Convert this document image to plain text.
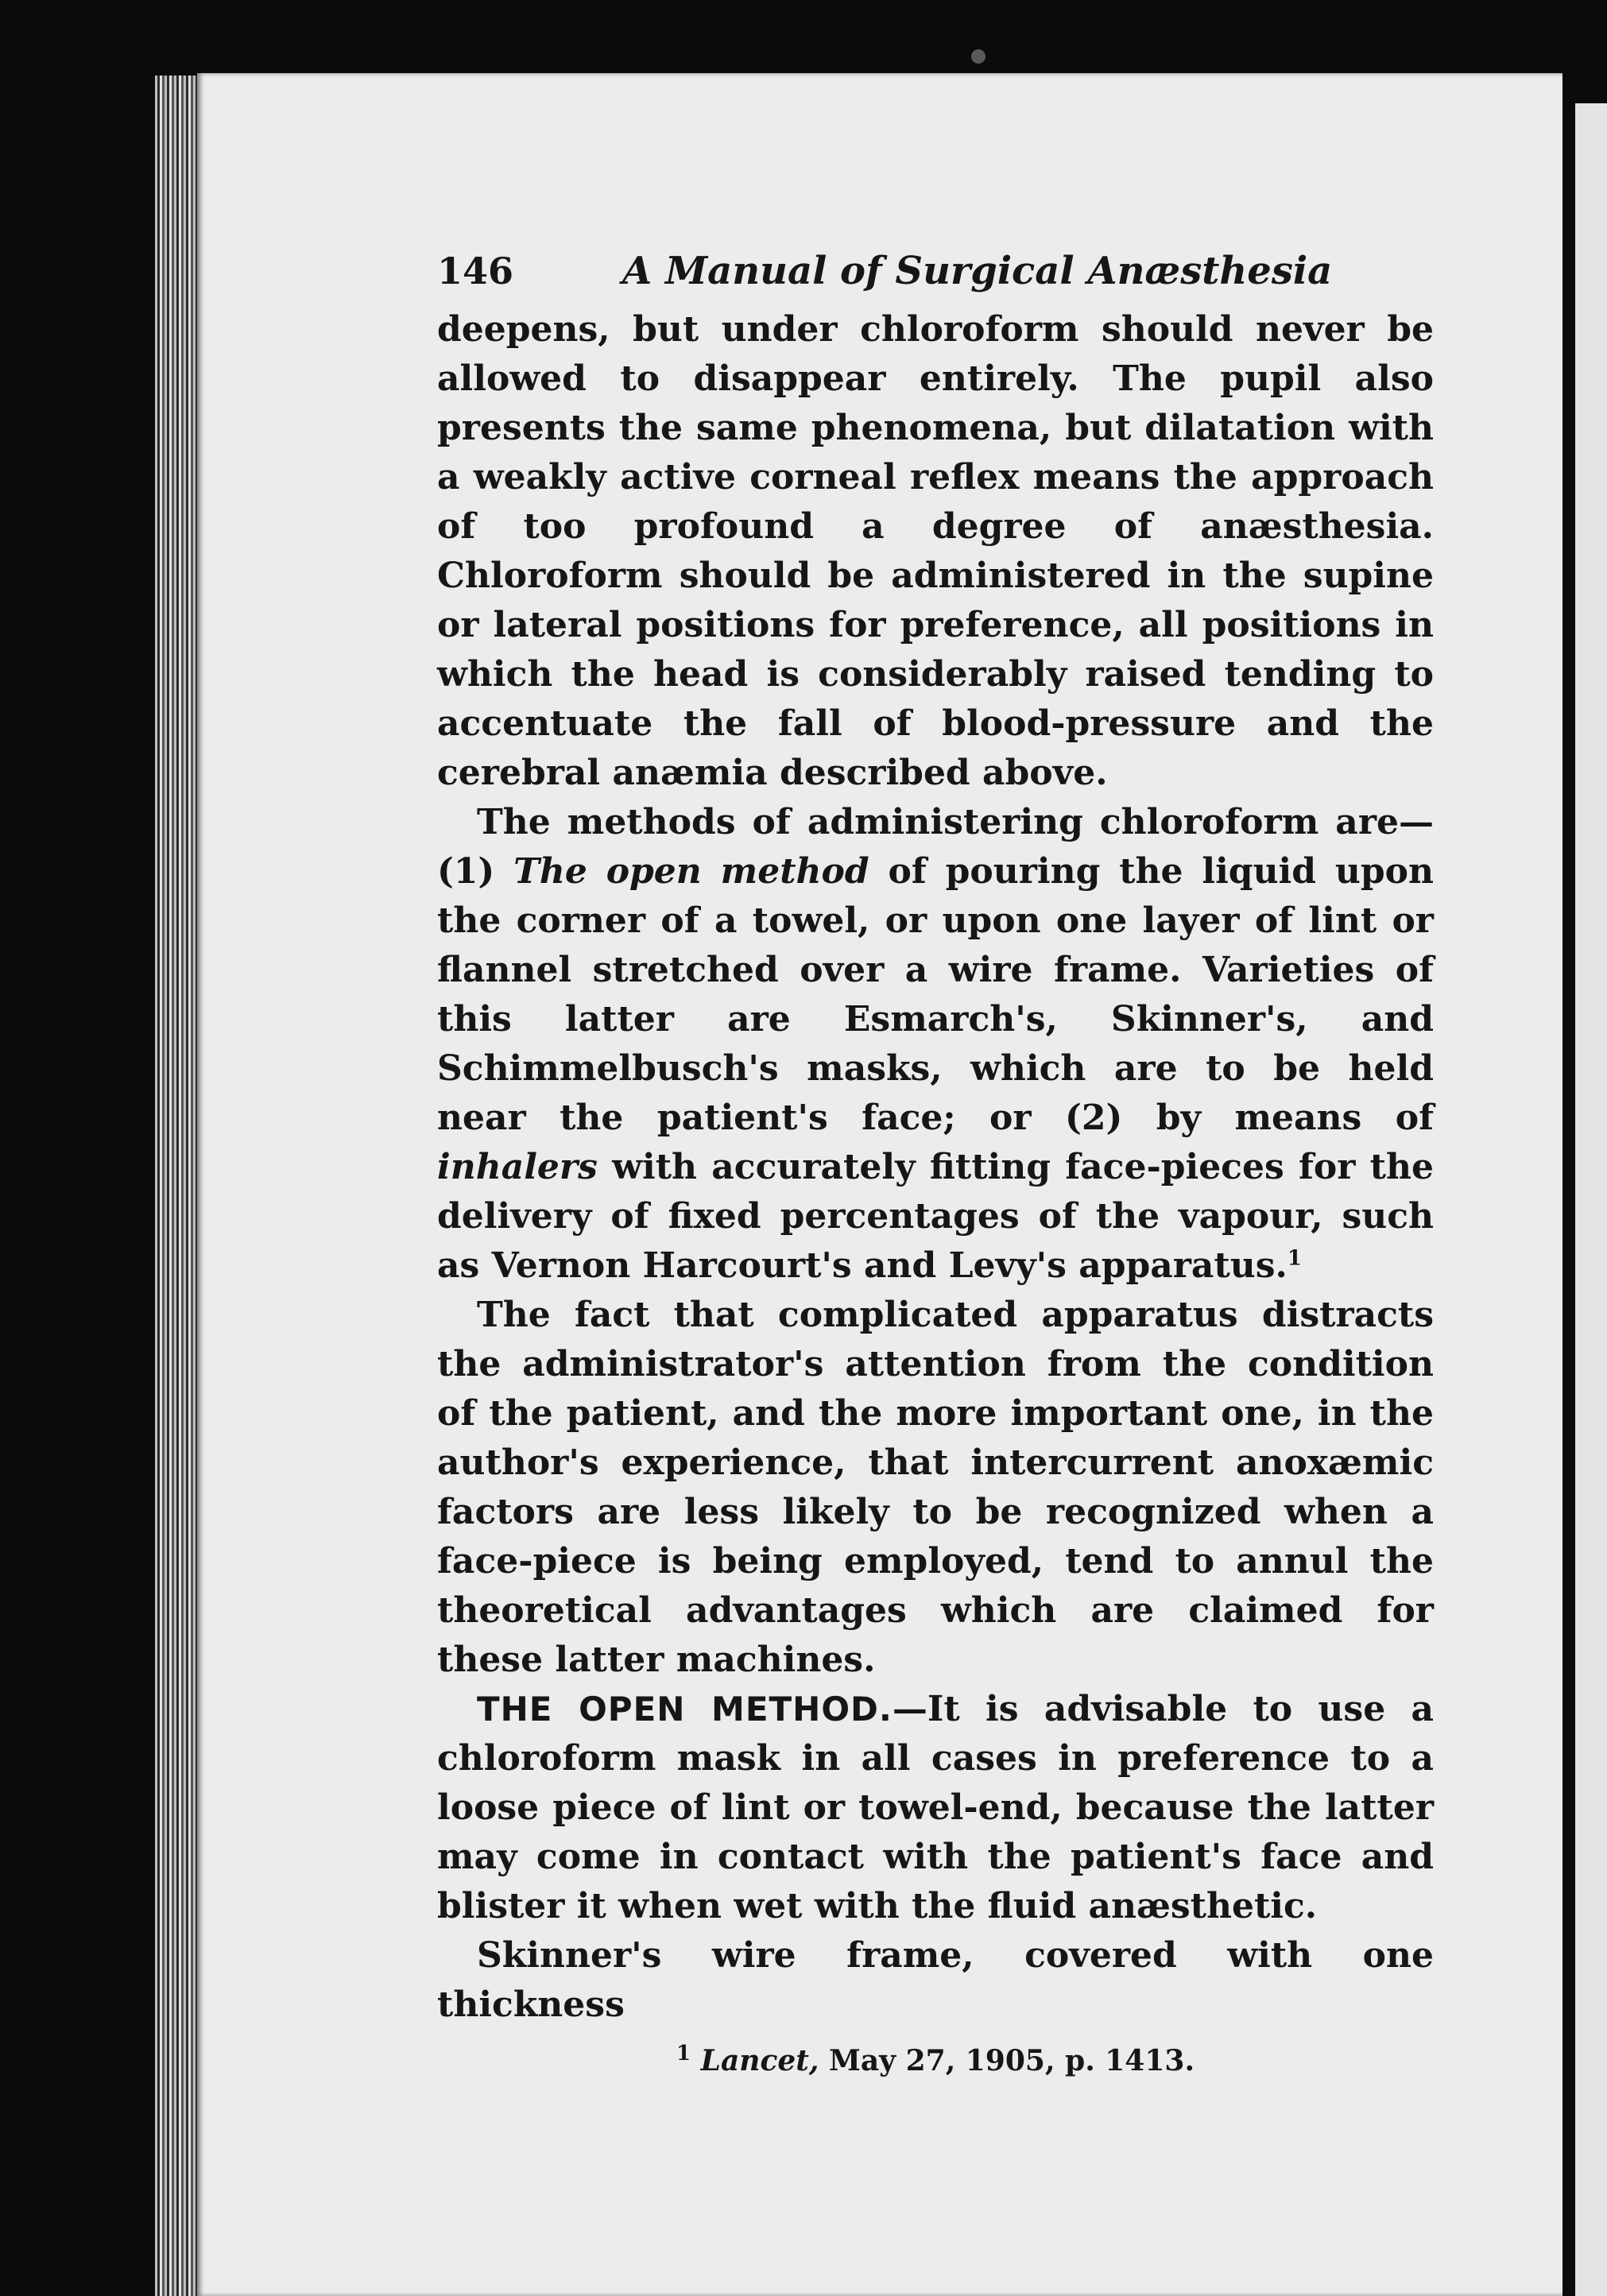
146	A Manual of Surgical Anæsthesia

deepens, but under chloroform should never be allowed to disappear entirely. The pupil also presents the same phenomena, but dilatation with a weakly active corneal reflex means the approach of too profound a degree of anæsthesia. Chloroform should be administered in the supine or lateral positions for preference, all positions in which the head is considerably raised tending to accentuate the fall of blood-pressure and the cerebral anæmia described above.

The methods of administering chloroform are— (1) The open method of pouring the liquid upon the corner of a towel, or upon one layer of lint or flannel stretched over a wire frame. Varieties of this latter are Esmarch's, Skinner's, and Schimmelbusch's masks, which are to be held near the patient's face; or (2) by means of inhalers with accurately fitting face-pieces for the delivery of fixed percentages of the vapour, such as Vernon Harcourt's and Levy's apparatus.$^1$

The fact that complicated apparatus distracts the administrator's attention from the condition of the patient, and the more important one, in the author's experience, that intercurrent anoxæmic factors are less likely to be recognized when a face-piece is being employed, tend to annul the theoretical advantages which are claimed for these latter machines.

THE OPEN METHOD.—It is advisable to use a chloroform mask in all cases in preference to a loose piece of lint or towel-end, because the latter may come in contact with the patient's face and blister it when wet with the fluid anæsthetic.

Skinner's wire frame, covered with one thickness

$^1$ Lancet, May 27, 1905, p. 1413.
